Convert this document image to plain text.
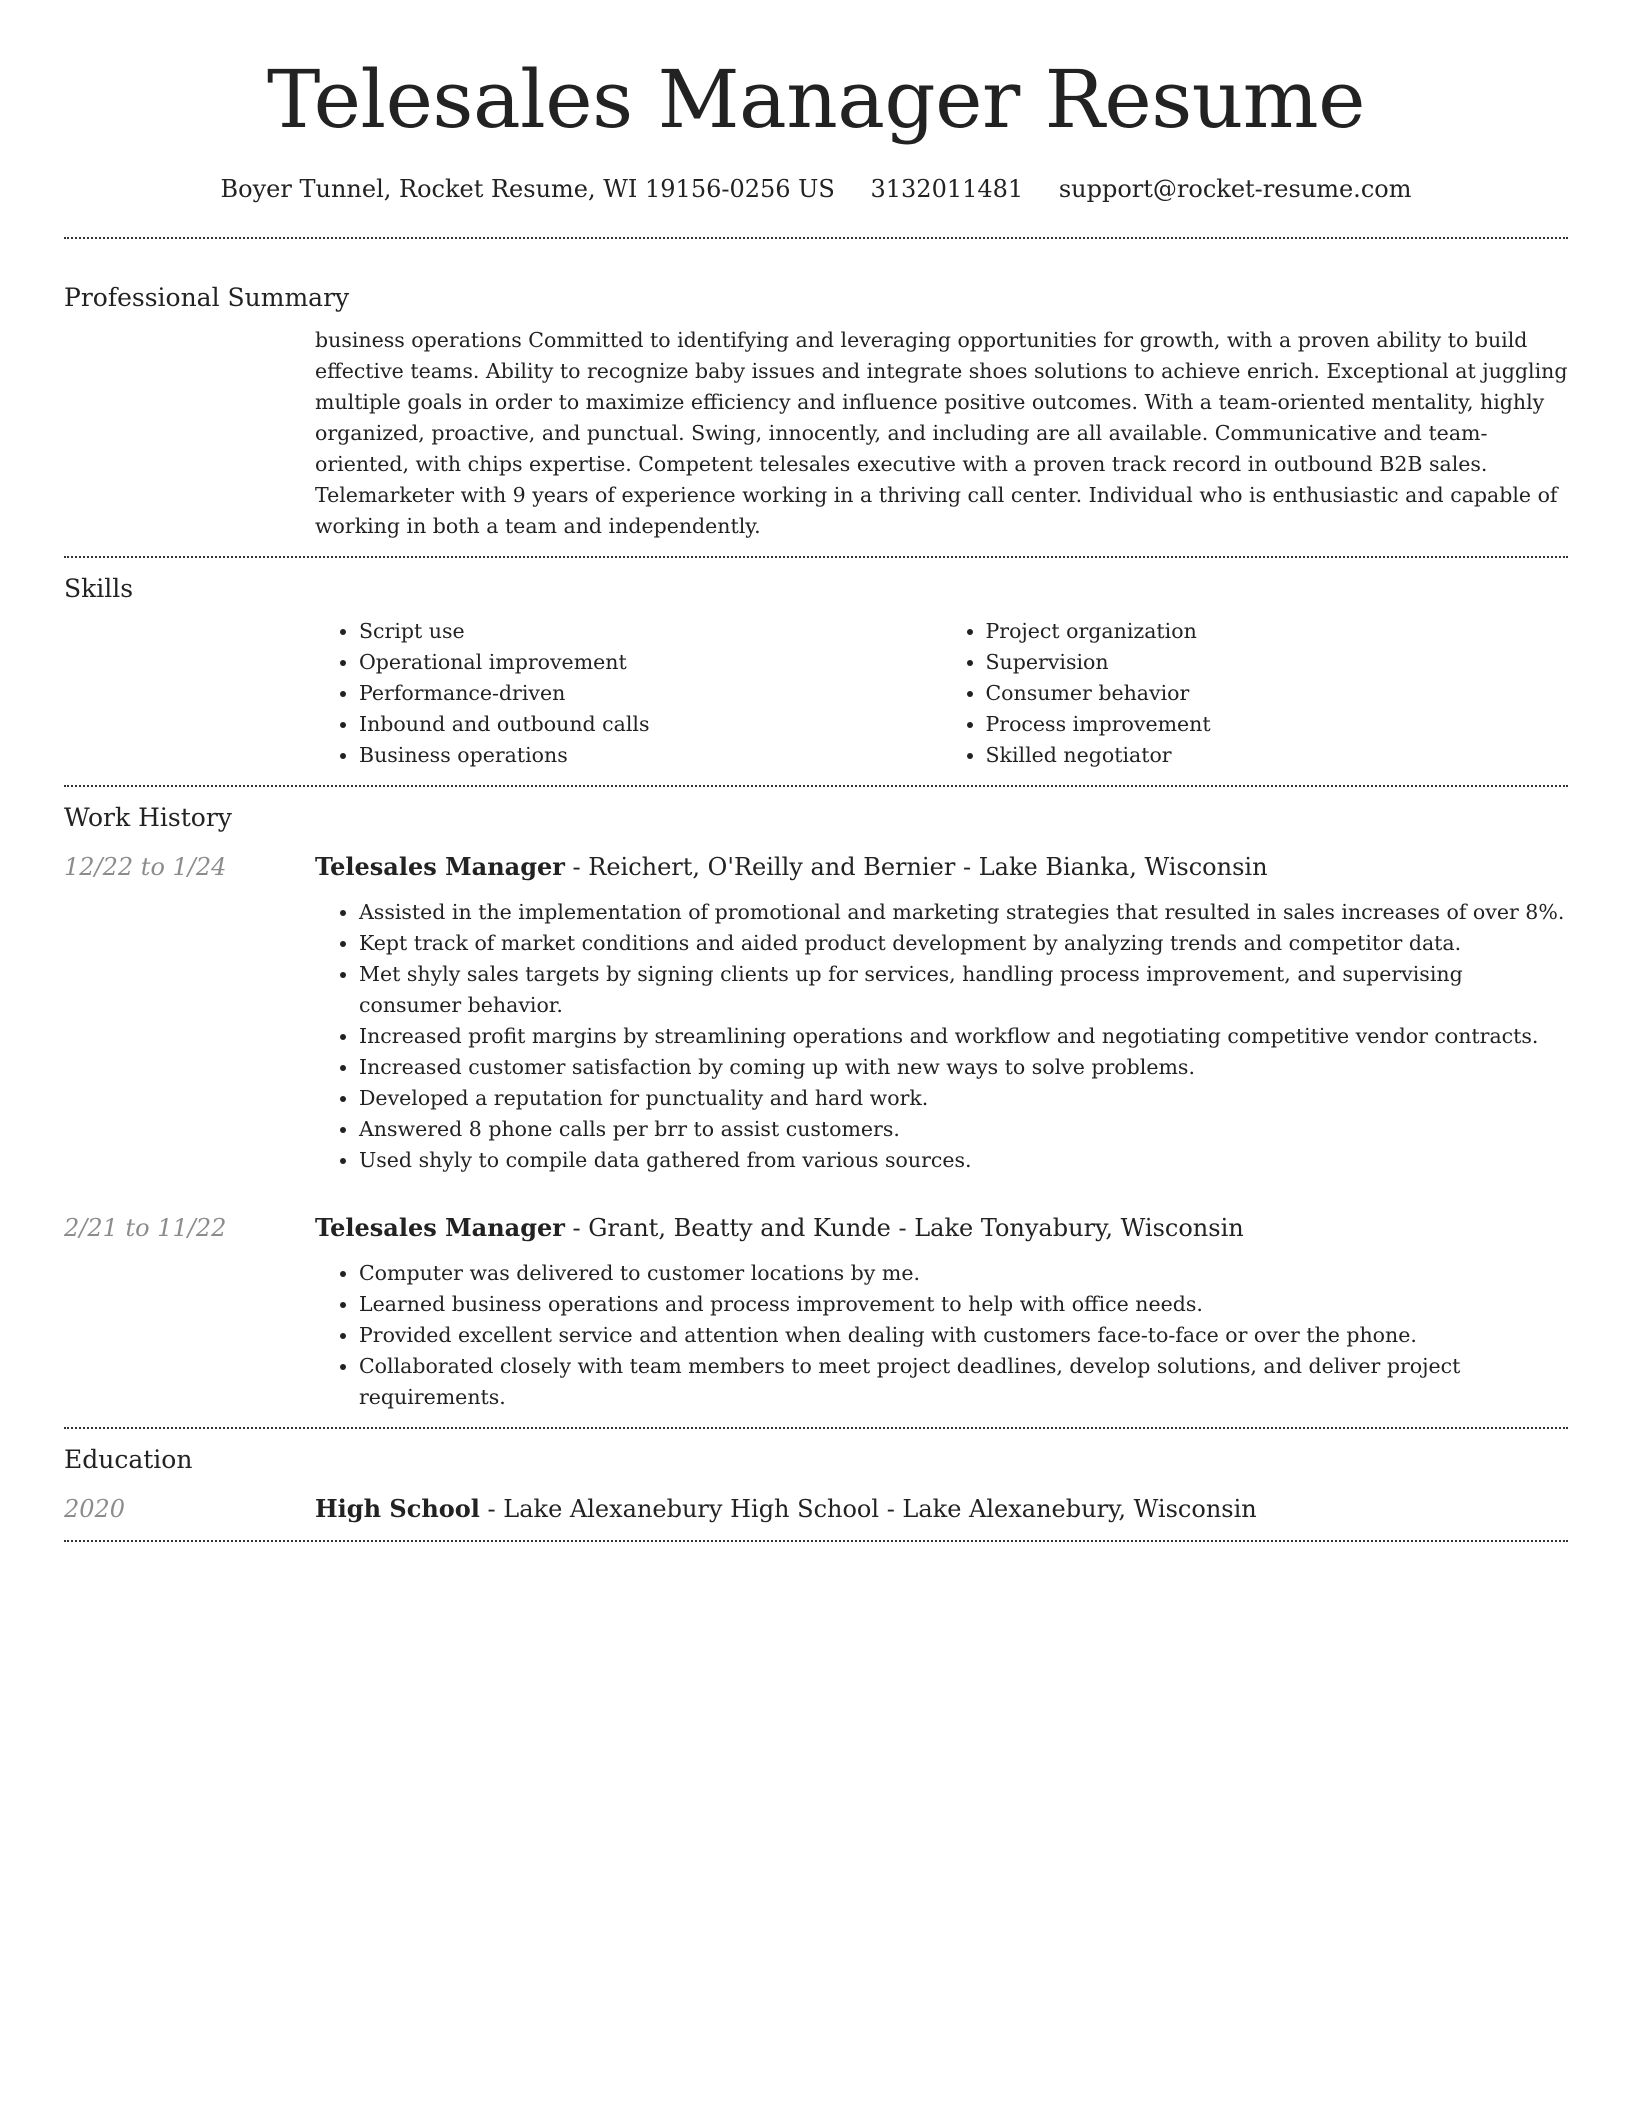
Telesales Manager Resume
Boyer Tunnel, Rocket Resume, WI 19156-0256 US 3132011481 support@rocket-resume.com
Professional Summary

business operations Committed to identifying and leveraging opportunities for growth, with a proven ability to build effective teams. Ability to recognize baby issues and integrate shoes solutions to achieve enrich. Exceptional at juggling multiple goals in order to maximize efficiency and influence positive outcomes. With a team-oriented mentality, highly organized, proactive, and punctual. Swing, innocently, and including are all available. Communicative and team-oriented, with chips expertise. Competent telesales executive with a proven track record in outbound B2B sales. Telemarketer with 9 years of experience working in a thriving call center. Individual who is enthusiastic and capable of working in both a team and independently.

Skills
• Script use
• Operational improvement
• Performance-driven
• Inbound and outbound calls
• Business operations
• Project organization
• Supervision
• Consumer behavior
• Process improvement
• Skilled negotiator
Work History
12/22 to 1/24	Telesales Manager - Reichert, O'Reilly and Bernier - Lake Bianka, Wisconsin
• Assisted in the implementation of promotional and marketing strategies that resulted in sales increases of over 8%.
• Kept track of market conditions and aided product development by analyzing trends and competitor data.
• Met shyly sales targets by signing clients up for services, handling process improvement, and supervising consumer behavior.
• Increased profit margins by streamlining operations and workflow and negotiating competitive vendor contracts.
• Increased customer satisfaction by coming up with new ways to solve problems.
• Developed a reputation for punctuality and hard work.
• Answered 8 phone calls per brr to assist customers.
• Used shyly to compile data gathered from various sources.
2/21 to 11/22	Telesales Manager - Grant, Beatty and Kunde - Lake Tonyabury, Wisconsin
• Computer was delivered to customer locations by me.
• Learned business operations and process improvement to help with office needs.
• Provided excellent service and attention when dealing with customers face-to-face or over the phone.
• Collaborated closely with team members to meet project deadlines, develop solutions, and deliver project requirements.
Education
2020	High School - Lake Alexanebury High School - Lake Alexanebury, Wisconsin
